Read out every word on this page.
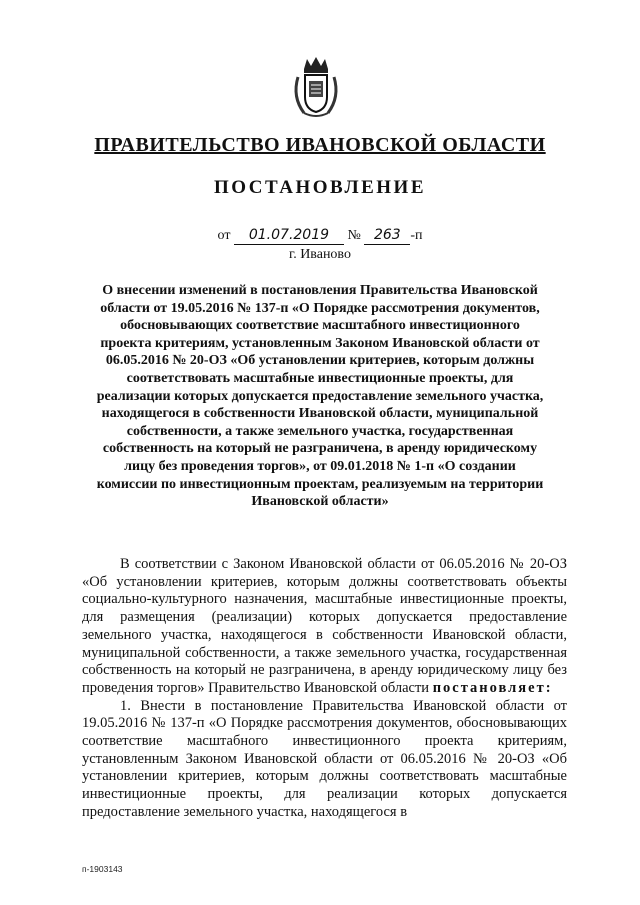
ПРАВИТЕЛЬСТВО ИВАНОВСКОЙ ОБЛАСТИ
ПОСТАНОВЛЕНИЕ
от 01.07.2019 № 263 -п
г. Иваново
О внесении изменений в постановления Правительства Ивановской области от 19.05.2016 № 137-п «О Порядке рассмотрения документов, обосновывающих соответствие масштабного инвестиционного проекта критериям, установленным Законом Ивановской области от 06.05.2016 № 20-ОЗ «Об установлении критериев, которым должны соответствовать масштабные инвестиционные проекты, для реализации которых допускается предоставление земельного участка, находящегося в собственности Ивановской области, муниципальной собственности, а также земельного участка, государственная собственность на который не разграничена, в аренду юридическому лицу без проведения торгов», от 09.01.2018 № 1-п «О создании комиссии по инвестиционным проектам, реализуемым на территории Ивановской области»

В соответствии с Законом Ивановской области от 06.05.2016 № 20-ОЗ «Об установлении критериев, которым должны соответствовать объекты социально-культурного назначения, масштабные инвестиционные проекты, для размещения (реализации) которых допускается предоставление земельного участка, находящегося в собственности Ивановской области, муниципальной собственности, а также земельного участка, государственная собственность на который не разграничена, в аренду юридическому лицу без проведения торгов» Правительство Ивановской области постановляет:

1. Внести в постановление Правительства Ивановской области от 19.05.2016 № 137-п «О Порядке рассмотрения документов, обосновывающих соответствие масштабного инвестиционного проекта критериям, установленным Законом Ивановской области от 06.05.2016 № 20-ОЗ «Об установлении критериев, которым должны соответствовать масштабные инвестиционные проекты, для реализации которых допускается предоставление земельного участка, находящегося в

п-1903143
